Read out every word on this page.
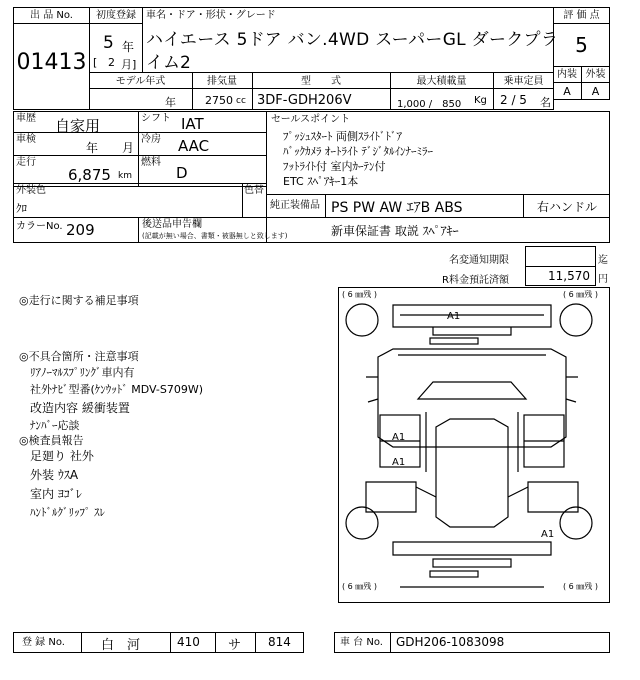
出 品 No.
01413
初度登録
5 年
[ 2 月]
車名・ドア・形状・グレード
ハイエース 5ドア バン.4WD スーパーGL ダークプラ
イム2
モデル年式
年
排気量
2750 cc
型　　式
3DF-GDH206V
最大積載量
1,000 /　850 Kg
乗車定員
2 / 5 名
評 価 点
5
内装 外装
A	A
車歴 自家用	シフト IAT
車検
年 月
冷房 AAC
走行
6,875 km
燃料
D
外装色
ｸﾛ
色替
カラーNo. 209	後送品申告欄
(記載が無い場合、書類・被器無しと致します)
セールスポイント
ﾌﾟｯｼｭｽﾀｰﾄ 両側ｽﾗｲﾄﾞﾄﾞｱ
ﾊﾞｯｸｶﾒﾗ ｵｰﾄﾗｲﾄ ﾃﾞｼﾞﾀﾙｲﾝﾅｰﾐﾗｰ
ﾌｯﾄﾗｲﾄ付 室内ｶｰﾃﾝ付
ETC ｽﾍﾟｱｷｰ1本
純正装備品 PS PW AW ｴｱB ABS	右ハンドル
新車保証書 取説 ｽﾍﾟｱｷｰ
名変通知期限	迄
R料金預託済額	11,570 円
◎走行に関する補足事項
◎不具合箇所・注意事項
ﾘｱﾉｰﾏﾙｽﾌﾟﾘﾝｸﾞ車内有
社外ﾅﾋﾞ型番(ｹﾝｳｯﾄﾞ MDV-S709W)
改造内容 緩衝装置
ﾅﾝﾊﾞｰ応談
◎検査員報告
足廻り 社外
外装 ｳｽA
室内 ﾖｺﾞﾚ
ﾊﾝﾄﾞﾙｸﾞﾘｯﾌﾟ ｽﾚ
( 6 ㎜残 )	( 6 ㎜残 )
( 6 ㎜残 )	( 6 ㎜残 )
A1
A1
A1
A1
登 録 No.	白　河	410 サ 814	車 台 No. GDH206-1083098
